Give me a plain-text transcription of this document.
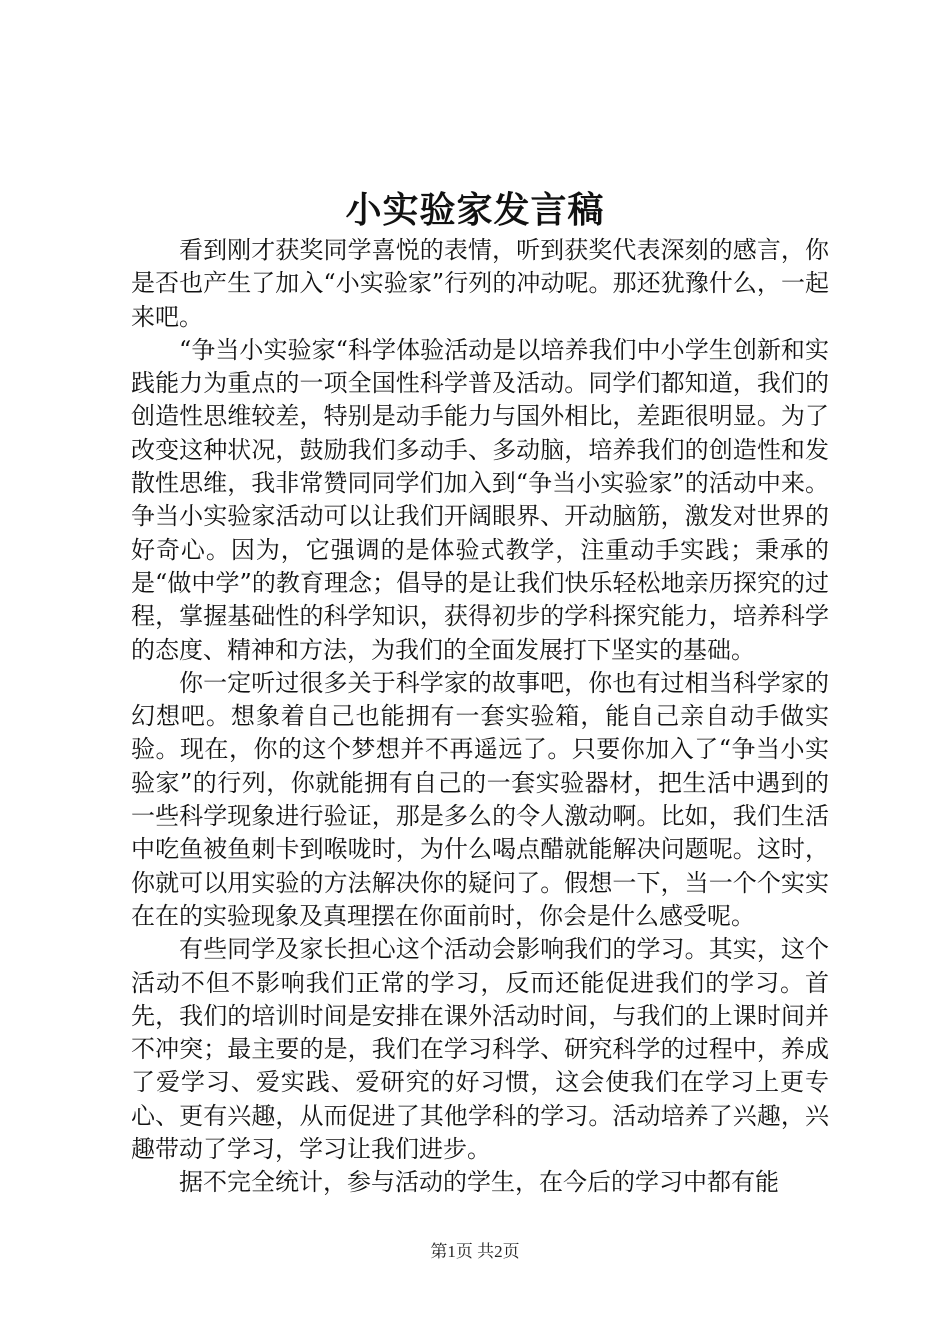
小实验家发言稿

看到刚才获奖同学喜悦的表情，听到获奖代表深刻的感言，你是否也产生了加入“小实验家”行列的冲动呢。那还犹豫什么，一起来吧。

“争当小实验家“科学体验活动是以培养我们中小学生创新和实践能力为重点的一项全国性科学普及活动。同学们都知道，我们的创造性思维较差，特别是动手能力与国外相比，差距很明显。为了改变这种状况，鼓励我们多动手、多动脑，培养我们的创造性和发散性思维，我非常赞同同学们加入到“争当小实验家”的活动中来。争当小实验家活动可以让我们开阔眼界、开动脑筋，激发对世界的好奇心。因为，它强调的是体验式教学，注重动手实践；秉承的是“做中学”的教育理念；倡导的是让我们快乐轻松地亲历探究的过程，掌握基础性的科学知识，获得初步的学科探究能力，培养科学的态度、精神和方法，为我们的全面发展打下坚实的基础。

你一定听过很多关于科学家的故事吧，你也有过相当科学家的幻想吧。想象着自己也能拥有一套实验箱，能自己亲自动手做实验。现在，你的这个梦想并不再遥远了。只要你加入了“争当小实验家”的行列，你就能拥有自己的一套实验器材，把生活中遇到的一些科学现象进行验证，那是多么的令人激动啊。比如，我们生活中吃鱼被鱼刺卡到喉咙时，为什么喝点醋就能解决问题呢。这时，你就可以用实验的方法解决你的疑问了。假想一下，当一个个实实在在的实验现象及真理摆在你面前时，你会是什么感受呢。

有些同学及家长担心这个活动会影响我们的学习。其实，这个活动不但不影响我们正常的学习，反而还能促进我们的学习。首先，我们的培训时间是安排在课外活动时间，与我们的上课时间并不冲突；最主要的是，我们在学习科学、研究科学的过程中，养成了爱学习、爱实践、爱研究的好习惯，这会使我们在学习上更专心、更有兴趣，从而促进了其他学科的学习。活动培养了兴趣，兴趣带动了学习，学习让我们进步。

据不完全统计，参与活动的学生，在今后的学习中都有能

第1页 共2页
